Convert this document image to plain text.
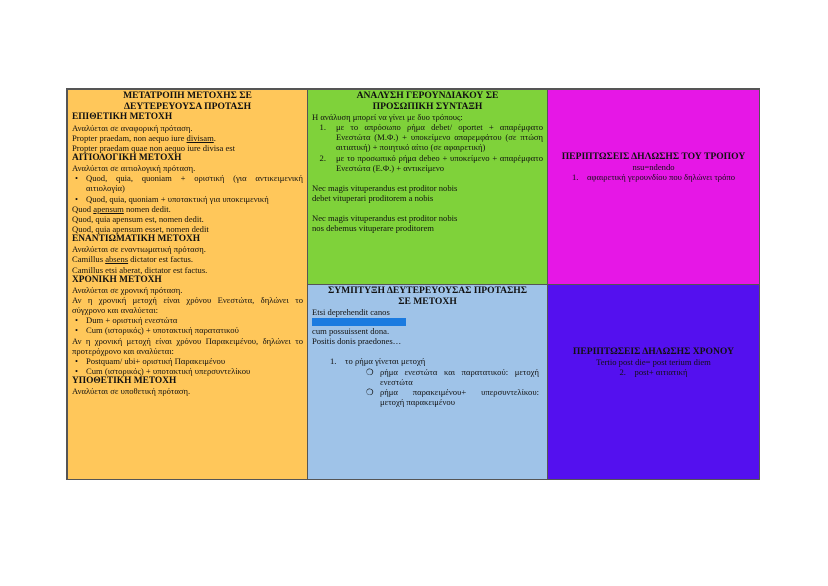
ΜΕΤΑΤΡΟΠΗ ΜΕΤΟΧΗΣ ΣΕ
ΔΕΥΤΕΡΕΥΟΥΣΑ ΠΡΟΤΑΣΗ
ΕΠΙΘΕΤΙΚΗ ΜΕΤΟΧΗ
Αναλύεται σε αναφορική πρόταση.
Propter praedam, non aequo iure divisam.
Propter praedam quae non aequo iure divisa est
ΑΙΤΙΟΛΟΓΙΚΗ ΜΕΤΟΧΗ
Αναλύεται σε αιτιολογική πρόταση.
• Quod, quia, quoniam + οριστική (για αντικειμενική αιτιολογία)
• Quod, quia, quoniam + υποτακτική για υποκειμενική
Quod apensum nomen dedit.
Quod, quia apensum est, nomen dedit.
Quod, quia apensum esset, nomen dedit
ΕΝΑΝΤΙΩΜΑΤΙΚΗ ΜΕΤΟΧΗ
Αναλύεται σε εναντιωματική πρόταση.
Camillus absens dictator est factus.
Camillus etsi aberat, dictator est factus.
ΧΡΟΝΙΚΗ ΜΕΤΟΧΗ
Αναλύεται σε χρονική πρόταση.
Αν η χρονική μετοχή είναι χρόνου Ενεστώτα, δηλώνει το σύγχρονο και αναλύεται:
• Dum + οριστική ενεστώτα
• Cum (ιστορικός) + υποτακτική παρατατικού
Αν η χρονική μετοχή είναι χρόνου Παρακειμένου, δηλώνει το προτερόχρονο και αναλύεται:
• Postquam/ ubi+ οριστική Παρακειμένου
• Cum (ιστορικός) + υποτακτική υπερσυντελίκου
ΥΠΟΘΕΤΙΚΗ ΜΕΤΟΧΗ
Αναλύεται σε υποθετική πρόταση.
ΑΝΑΛΥΣΗ ΓΕΡΟΥΝΔΙΑΚΟΥ ΣΕ
ΠΡΟΣΩΠΙΚΗ ΣΥΝΤΑΞΗ
Η ανάλυση μπορεί να γίνει με δυο τρόπους:
1. με το απρόσωπο ρήμα debet/ oportet + απαρέμφατο Ενεστώτα (Μ.Φ.) + υποκείμενο απαρεμφάτου (σε πτώση αιτιατική) + ποιητικό αίτιο (σε αφαιρετική)
2. με το προσωπικό ρήμα debeo + υποκείμενο + απαρέμφατο Ενεστώτα (Ε.Φ.) + αντικείμενο
Nec magis vituperandus est proditor nobis
debet vituperari proditorem a nobis
Nec magis vituperandus est proditor nobis
nos debemus vituperare proditorem
ΠΕΡΙΠΤΩΣΕΙΣ ΔΗΛΩΣΗΣ ΤΟΥ ΤΡΟΠΟΥ
nsu=ndendo
1. αφαιρετική γερουνδίου που δηλώνει τρόπο
ΣΥΜΠΤΥΞΗ ΔΕΥΤΕΡΕΥΟΥΣΑΣ ΠΡΟΤΑΣΗΣ
ΣΕ ΜΕΤΟΧΗ
Etsi deprehendit canos
cum possuissent dona.
Positis donis praedones…
1. το ρήμα γίνεται μετοχή
❍ ρήμα ενεστώτα και παρατατικού: μετοχή ενεστώτα
❍ ρήμα παρακειμένου+ υπερσυντελίκου: μετοχή παρακειμένου
ΠΕΡΙΠΤΩΣΕΙΣ ΔΗΛΩΣΗΣ ΧΡΟΝΟΥ
Tertio post die= post terium diem
2. post+ αιτιατική
